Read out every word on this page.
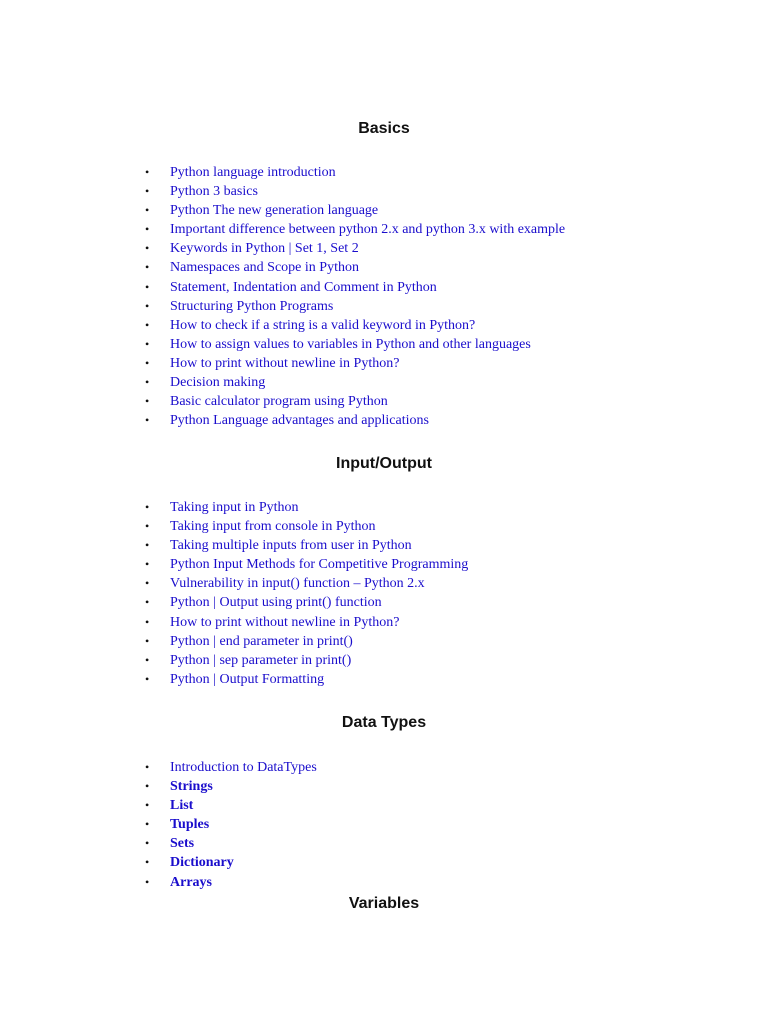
Basics
• Python language introduction
• Python 3 basics
• Python The new generation language
• Important difference between python 2.x and python 3.x with example
• Keywords in Python | Set 1, Set 2
• Namespaces and Scope in Python
• Statement, Indentation and Comment in Python
• Structuring Python Programs
• How to check if a string is a valid keyword in Python?
• How to assign values to variables in Python and other languages
• How to print without newline in Python?
• Decision making
• Basic calculator program using Python
• Python Language advantages and applications
Input/Output
• Taking input in Python
• Taking input from console in Python
• Taking multiple inputs from user in Python
• Python Input Methods for Competitive Programming
• Vulnerability in input() function – Python 2.x
• Python | Output using print() function
• How to print without newline in Python?
• Python | end parameter in print()
• Python | sep parameter in print()
• Python | Output Formatting
Data Types
• Introduction to DataTypes
• Strings
• List
• Tuples
• Sets
• Dictionary
• Arrays
Variables
